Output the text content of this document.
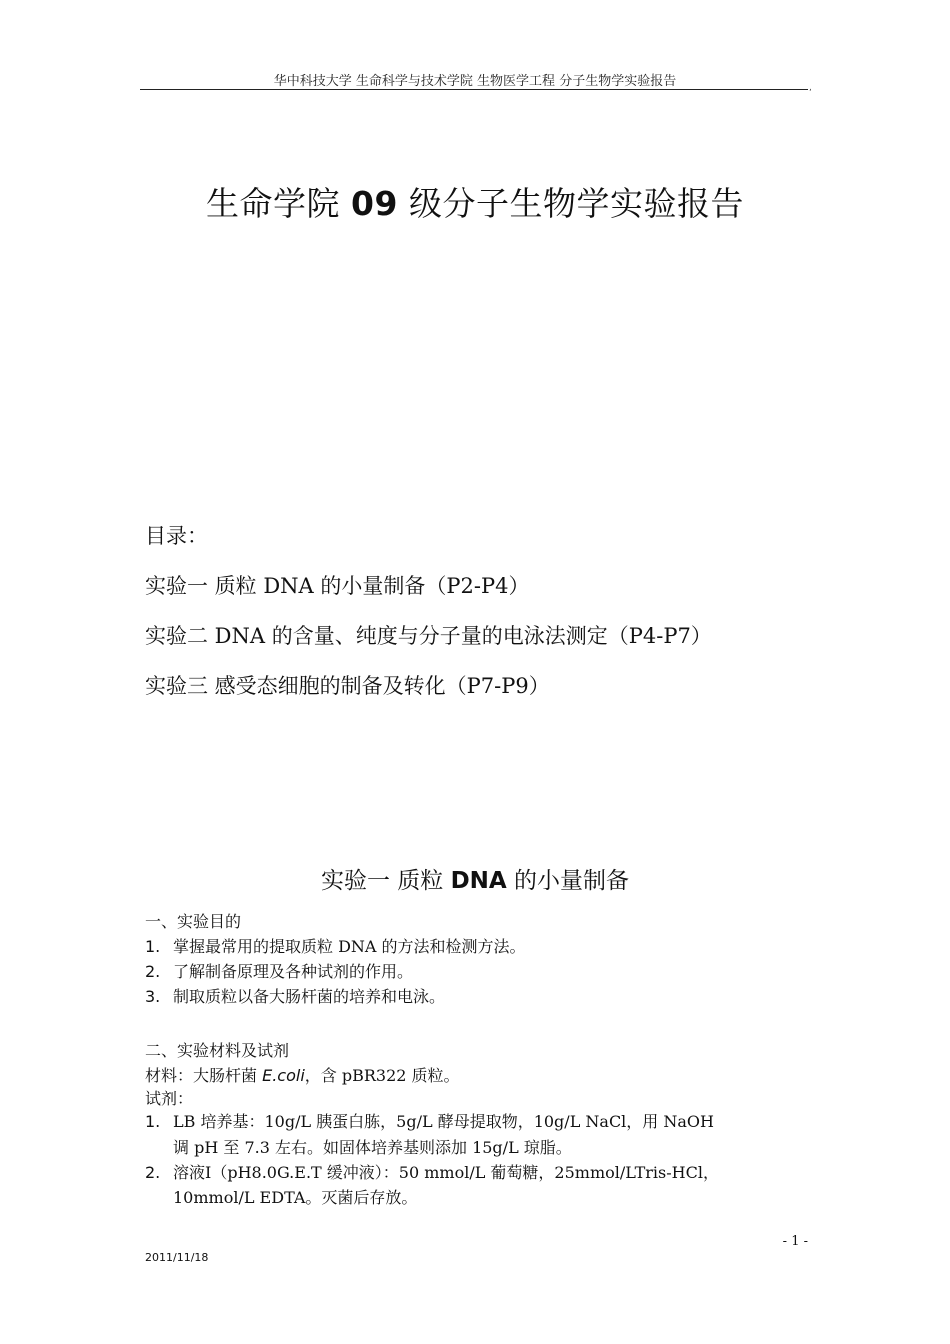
华中科技大学 生命科学与技术学院 生物医学工程 分子生物学实验报告	,
生命学院 09 级分子生物学实验报告
目录：
实验一 质粒 DNA 的小量制备（P2-P4）
实验二 DNA 的含量、纯度与分子量的电泳法测定（P4-P7）
实验三 感受态细胞的制备及转化（P7-P9）
实验一 质粒 DNA 的小量制备
一、实验目的
1. 掌握最常用的提取质粒 DNA 的方法和检测方法。
2. 了解制备原理及各种试剂的作用。
3. 制取质粒以备大肠杆菌的培养和电泳。
二、实验材料及试剂
材料：大肠杆菌 E.coli，含 pBR322 质粒。
试剂：
1. LB 培养基：10g/L 胰蛋白胨，5g/L 酵母提取物，10g/L NaCl，用 NaOH
调 pH 至 7.3 左右。如固体培养基则添加 15g/L 琼脂。
2. 溶液Ⅰ（pH8.0G.E.T 缓冲液）：50 mmol/L 葡萄糖，25mmol/LTris-HCl，
10mmol/L EDTA。灭菌后存放。
- 1 -
2011/11/18
